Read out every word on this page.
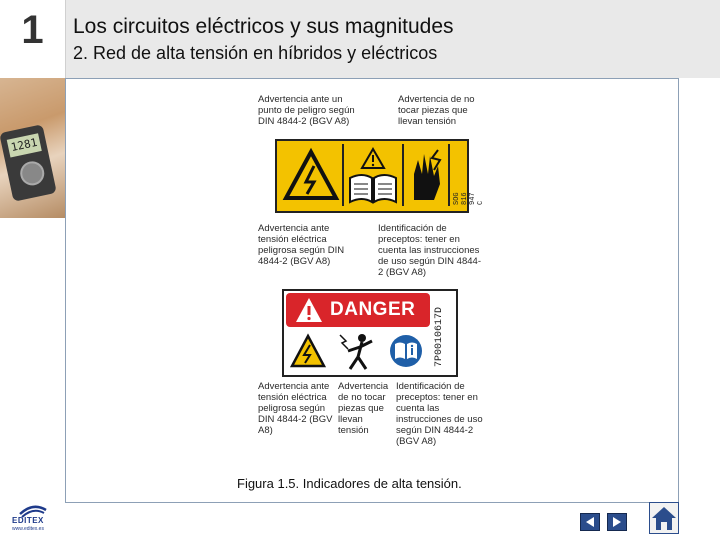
1	Los circuitos eléctricos y sus magnitudes
2. Red de alta tensión en híbridos y eléctricos
1281
Advertencia ante un punto de peligro según DIN 4844-2 (BGV A8)
Advertencia de no tocar piezas que llevan tensión
SOG 816 947 C
Advertencia ante tensión eléctrica peligrosa según DIN 4844-2 (BGV A8)
Identificación de preceptos: tener en cuenta las instrucciones de uso según DIN 4844-2 (BGV A8)
DANGER 7P0010617D
Advertencia ante tensión eléctrica peligrosa según DIN 4844-2 (BGV A8)
Advertencia de no tocar piezas que llevan tensión
Identificación de preceptos: tener en cuenta las instrucciones de uso según DIN 4844-2 (BGV A8)
Figura 1.5. Indicadores de alta tensión.
EDITEX
www.editex.es
